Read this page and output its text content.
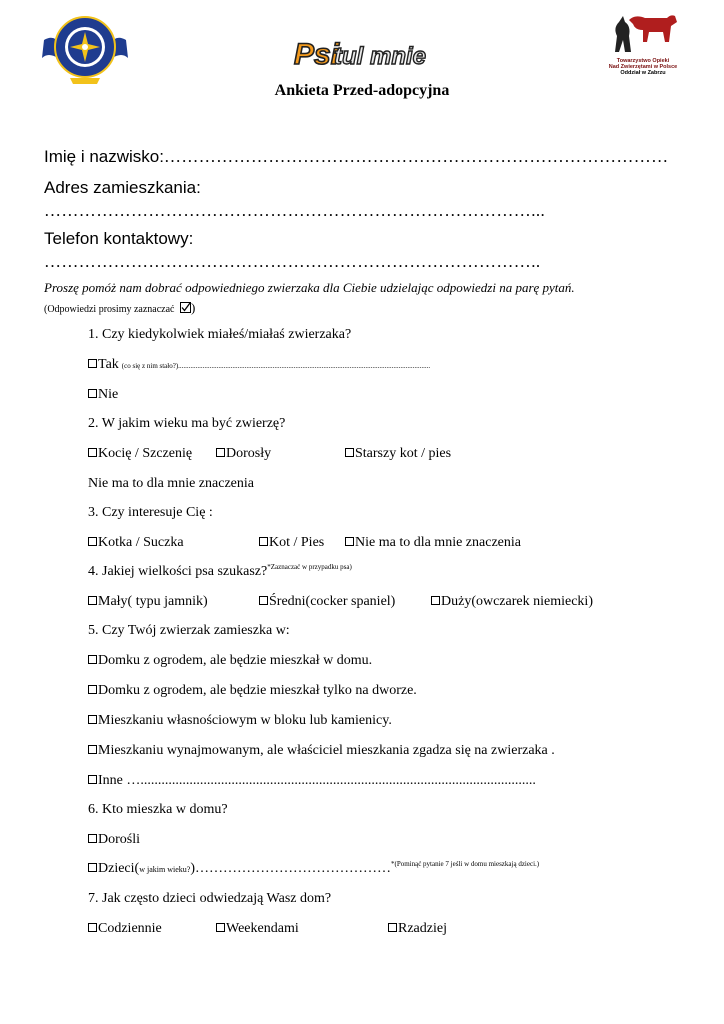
Psi
tul mnie	Towarzystwo Opieki
Nad Zwierzętami w Polsce
Oddział w Zabrzu
Ankieta Przed-adopcyjna
Imię i nazwisko:……………………………………………………………………………
Adres zamieszkania:
…………………………………………………………………………...
Telefon kontaktowy:
…………………………………………………………………………..
Proszę pomóż nam dobrać odpowiedniego zwierzaka dla Ciebie udzielając odpowiedzi na parę pytań.
(Odpowiedzi prosimy zaznaczać )
1. Czy kiedykolwiek miałeś/miałaś zwierzaka?
Tak (co się z nim stało?) ................................................................................................................................................
Nie
2. W jakim wieku ma być zwierzę?
Kocię / Szczenię Dorosły	Starszy kot / pies
Nie ma to dla mnie znaczenia
3. Czy interesuje Cię :
Kotka / Suczka	Kot / Pies Nie ma to dla mnie znaczenia
4. Jakiej wielkości psa szukasz?$^{*Zaznaczać w przypadku psa)}$
Mały( typu jamnik)	Średni(cocker spaniel)	Duży(owczarek niemiecki)
5. Czy Twój zwierzak zamieszka w:
Domku z ogrodem, ale będzie mieszkał w domu.
Domku z ogrodem, ale będzie mieszkał tylko na dworze.
Mieszkaniu własnościowym w bloku lub kamienicy.
Mieszkaniu wynajmowanym, ale właściciel mieszkania zgadza się na zwierzaka .
Inne ….................................................................................................................
6. Kto mieszka w domu?
Dorośli
Dzieci( w jakim wieku? )…………………………………… *(Pominąć pytanie 7 jeśli w domu mieszkają dzieci.)
7. Jak często dzieci odwiedzają Wasz dom?
Codziennie	Weekendami	Rzadziej
